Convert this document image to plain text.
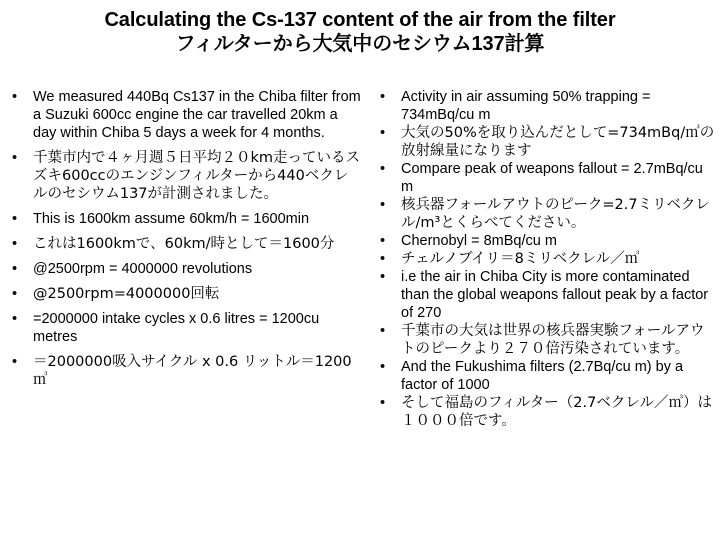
Calculating the Cs-137 content of the air from the filter
フィルターから大気中のセシウム137計算
•	We measured 440Bq Cs137 in the Chiba filter from a Suzuki 600cc engine the car travelled 20km a day within Chiba 5 days a week for 4 months.
•	千葉市内で４ヶ月週５日平均２０km走っているスズキ600ccのエンジンフィルターから440ベクレルのセシウム137が計測されました。
•	This is 1600km assume 60km/h = 1600min
•	これは1600kmで、60km/時として＝1600分
•	@2500rpm = 4000000 revolutions
•	@2500rpm=4000000回転
•	=2000000 intake cycles x 0.6 litres = 1200cu metres
•	＝2000000吸入サイクル x 0.6 リットル＝1200㎥
•	Activity in air assuming 50% trapping = 734mBq/cu m
•	大気の50%を取り込んだとして=734mBq/㎥の放射線量になります
•	Compare peak of weapons fallout = 2.7mBq/cu m
•	核兵器フォールアウトのピーク=2.7ミリベクレ ル/m³とくらべてください。
•	Chernobyl = 8mBq/cu m
•	チェルノブイリ＝8ミリベクレル／㎥
•	i.e the air in Chiba City is more contaminated than the global weapons fallout peak by a factor of 270
•	千葉市の大気は世界の核兵器実験フォールアウトのピークより２７０倍汚染されています。
•	And the Fukushima filters (2.7Bq/cu m) by a factor of 1000
•	そして福島のフィルター（2.7ベクレル／㎥）は１０００倍です。
